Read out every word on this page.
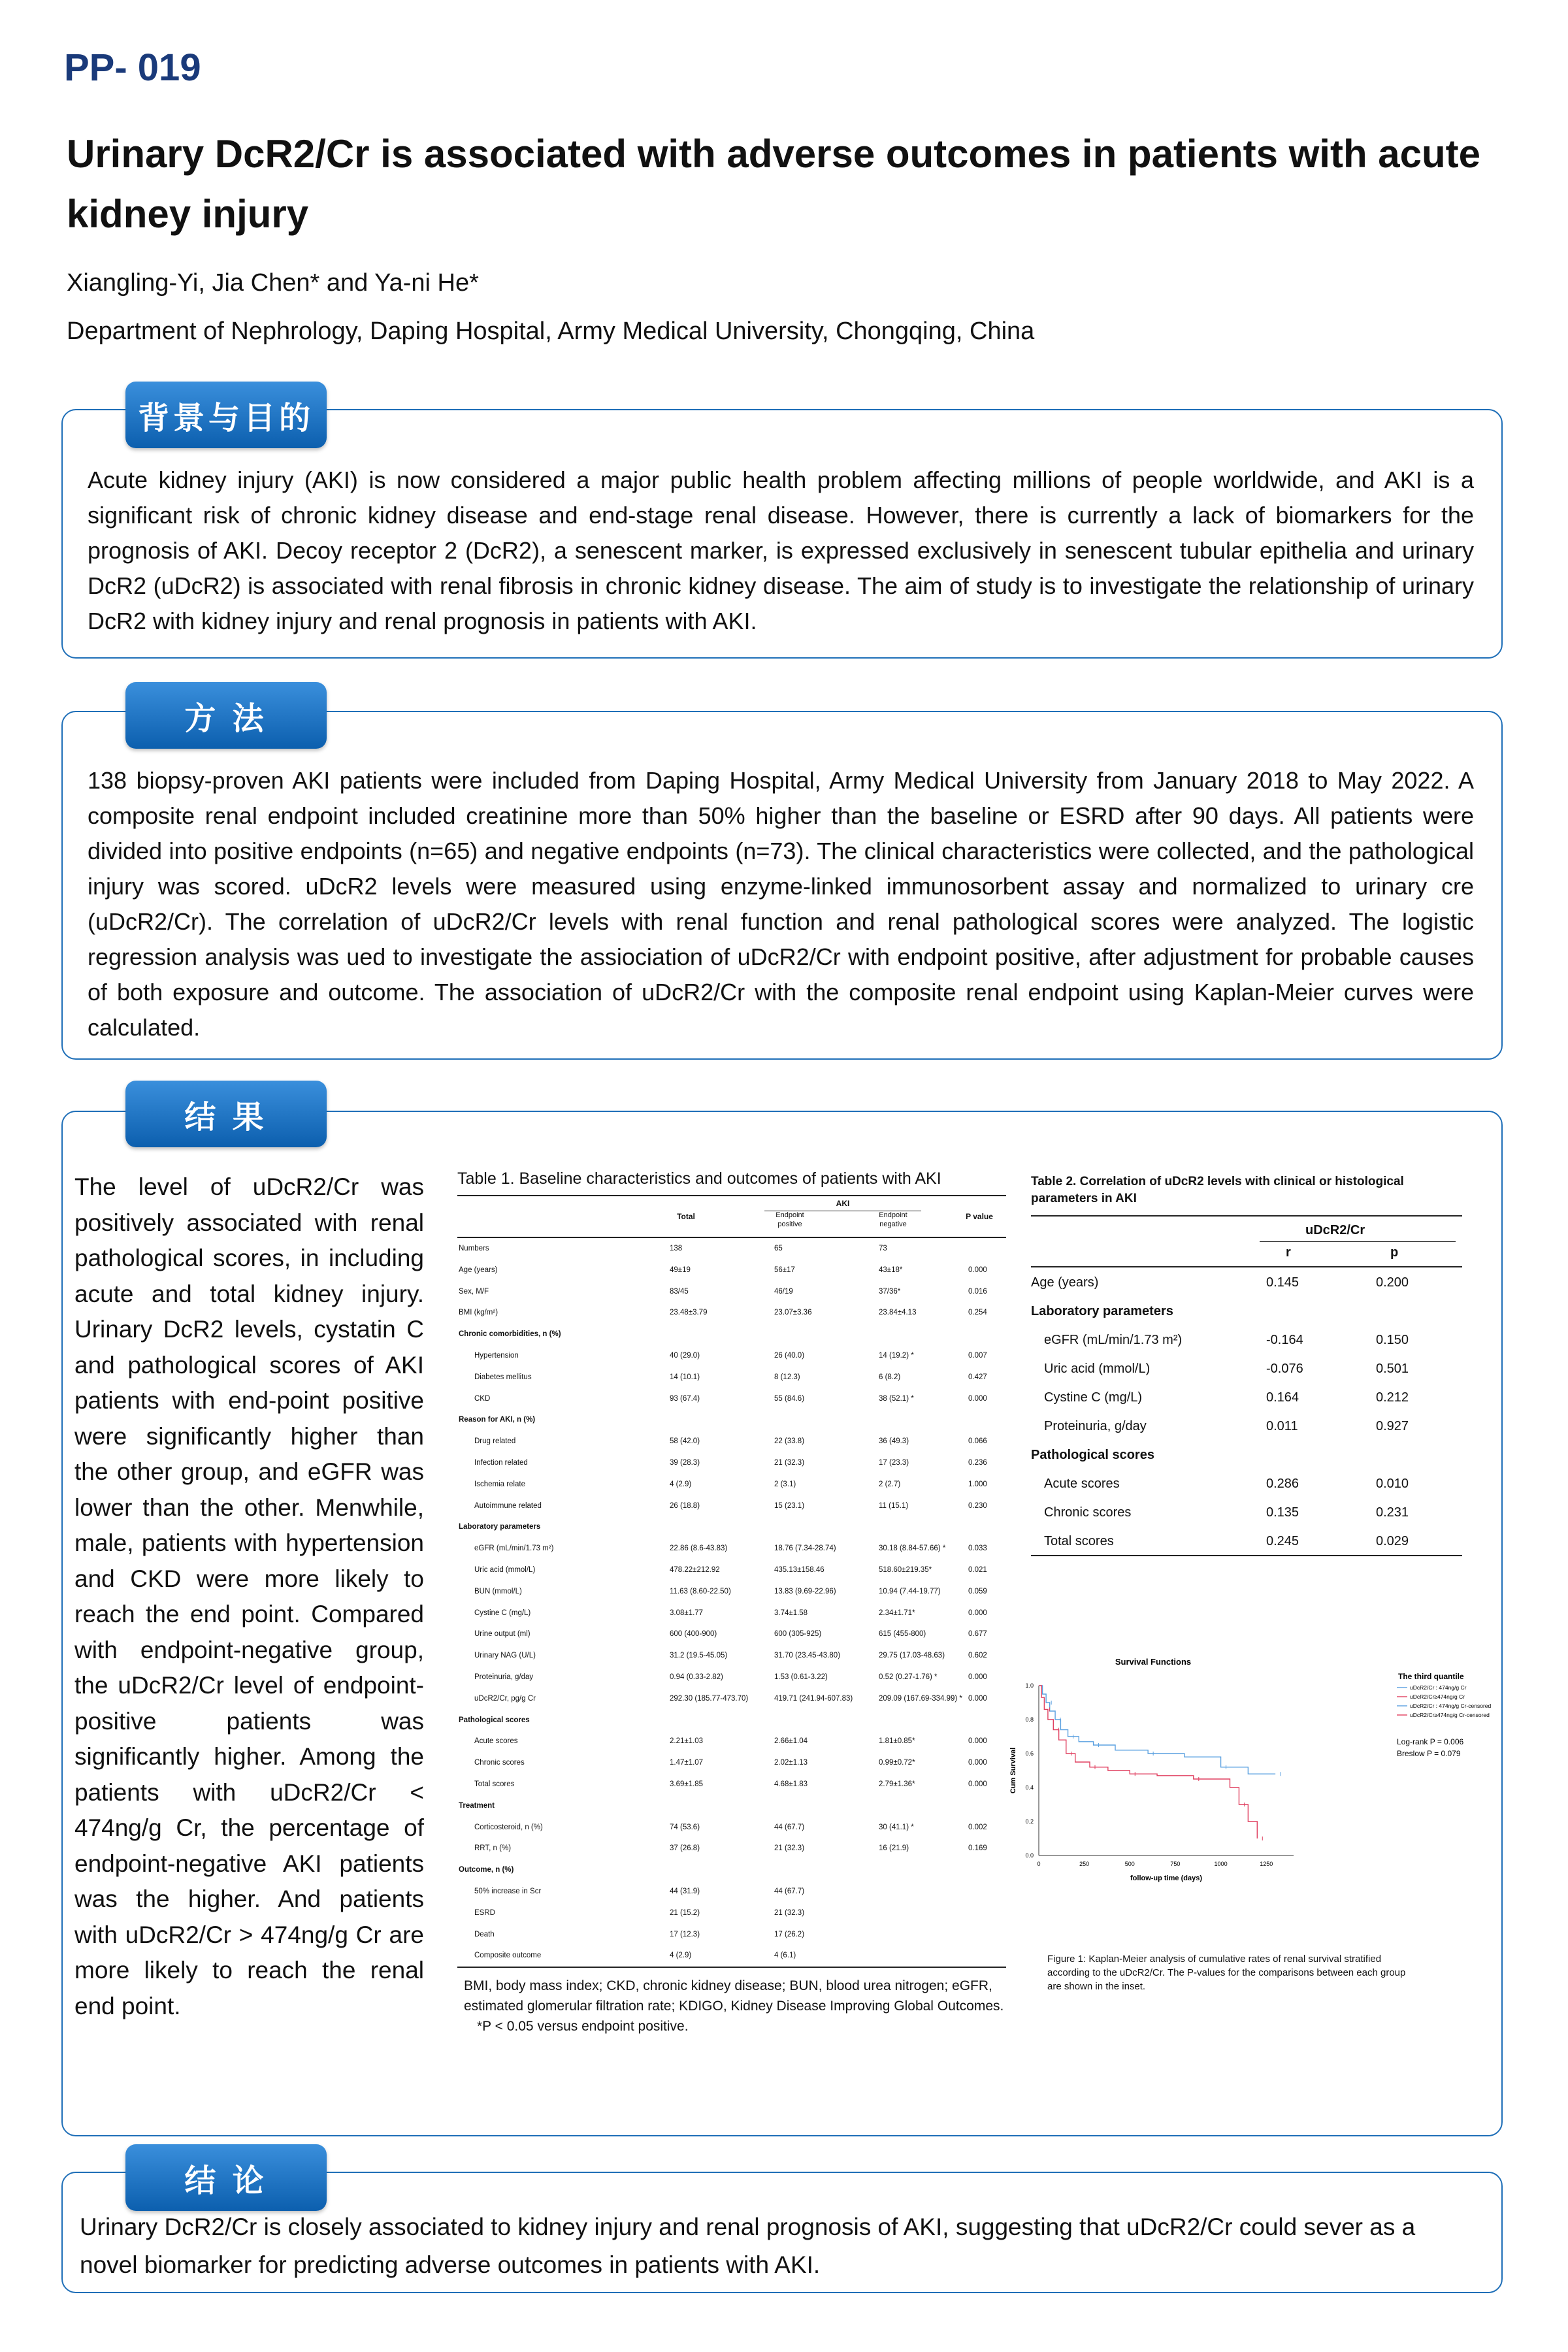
PP- 019
Urinary DcR2/Cr is associated with adverse outcomes in patients with acute kidney injury
Xiangling-Yi, Jia Chen* and Ya-ni He*
Department of Nephrology, Daping Hospital, Army Medical University, Chongqing, China
背景与目的
Acute kidney injury (AKI) is now considered a major public health problem affecting millions of people worldwide, and AKI is a significant risk of chronic kidney disease and end-stage renal disease. However, there is currently a lack of biomarkers for the prognosis of AKI. Decoy receptor 2 (DcR2), a senescent marker, is expressed exclusively in senescent tubular epithelia and urinary DcR2 (uDcR2) is associated with renal fibrosis in chronic kidney disease. The aim of study is to investigate the relationship of urinary DcR2 with kidney injury and renal prognosis in patients with AKI.
方 法
138 biopsy-proven AKI patients were included from Daping Hospital, Army Medical University from January 2018 to May 2022. A composite renal endpoint included creatinine more than 50% higher than the baseline or ESRD after 90 days. All patients were divided into positive endpoints (n=65) and negative endpoints (n=73). The clinical characteristics were collected, and the pathological injury was scored. uDcR2 levels were measured using enzyme-linked immunosorbent assay and normalized to urinary cre (uDcR2/Cr). The correlation of uDcR2/Cr levels with renal function and renal pathological scores were analyzed. The logistic regression analysis was ued to investigate the assiociation of uDcR2/Cr with endpoint positive, after adjustment for probable causes of both exposure and outcome. The association of uDcR2/Cr with the composite renal endpoint using Kaplan-Meier curves were calculated.
结 果
The level of uDcR2/Cr was positively associated with renal pathological scores, in including acute and total kidney injury. Urinary DcR2 levels, cystatin C and pathological scores of AKI patients with end-point positive were significantly higher than the other group, and eGFR was lower than the other. Menwhile, male, patients with hypertension and CKD were more likely to reach the end point. Compared with endpoint-negative group, the uDcR2/Cr level of endpoint-positive patients was significantly higher. Among the patients with uDcR2/Cr < 474ng/g Cr, the percentage of endpoint-negative AKI patients was the higher. And patients with uDcR2/Cr > 474ng/g Cr are more likely to reach the renal end point.
Table 1. Baseline characteristics and outcomes of patients with AKI
Total
AKI
Endpoint positive
Endpoint negative
P value
Numbers	138	65	73
Age (years)	49±19	56±17	43±18*	0.000
Sex, M/F	83/45	46/19	37/36*	0.016
BMI (kg/m²)	23.48±3.79	23.07±3.36	23.84±4.13	0.254
Chronic comorbidities, n (%)
Hypertension	40 (29.0)	26 (40.0)	14 (19.2) *	0.007
Diabetes mellitus	14 (10.1)	8 (12.3)	6 (8.2)	0.427
CKD	93 (67.4)	55 (84.6)	38 (52.1) *	0.000
Reason for AKI, n (%)
Drug related	58 (42.0)	22 (33.8)	36 (49.3)	0.066
Infection related	39 (28.3)	21 (32.3)	17 (23.3)	0.236
Ischemia relate	4 (2.9)	2 (3.1)	2 (2.7)	1.000
Autoimmune related	26 (18.8)	15 (23.1)	11 (15.1)	0.230
Laboratory parameters
eGFR (mL/min/1.73 m²)	22.86 (8.6-43.83)	18.76 (7.34-28.74)	30.18 (8.84-57.66) *	0.033
Uric acid (mmol/L)	478.22±212.92	435.13±158.46	518.60±219.35*	0.021
BUN (mmol/L)	11.63 (8.60-22.50)	13.83 (9.69-22.96)	10.94 (7.44-19.77)	0.059
Cystine C (mg/L)	3.08±1.77	3.74±1.58	2.34±1.71*	0.000
Urine output (ml)	600 (400-900)	600 (305-925)	615 (455-800)	0.677
Urinary NAG (U/L)	31.2 (19.5-45.05)	31.70 (23.45-43.80)	29.75 (17.03-48.63)	0.602
Proteinuria, g/day	0.94 (0.33-2.82)	1.53 (0.61-3.22)	0.52 (0.27-1.76) *	0.000
uDcR2/Cr, pg/g Cr	292.30 (185.77-473.70)	419.71 (241.94-607.83)	209.09 (167.69-334.99) * 0.000
Pathological scores
Acute scores	2.21±1.03	2.66±1.04	1.81±0.85*	0.000
Chronic scores	1.47±1.07	2.02±1.13	0.99±0.72*	0.000
Total scores	3.69±1.85	4.68±1.83	2.79±1.36*	0.000
Treatment
Corticosteroid, n (%)	74 (53.6)	44 (67.7)	30 (41.1) *	0.002
RRT, n (%)	37 (26.8)	21 (32.3)	16 (21.9)	0.169
Outcome, n (%)
50% increase in Scr	44 (31.9)	44 (67.7)
ESRD	21 (15.2)	21 (32.3)
Death	17 (12.3)	17 (26.2)
Composite outcome	4 (2.9)	4 (6.1)
BMI, body mass index; CKD, chronic kidney disease; BUN, blood urea nitrogen; eGFR, estimated glomerular filtration rate; KDIGO, Kidney Disease Improving Global Outcomes.
*P < 0.05 versus endpoint positive.
Table 2. Correlation of uDcR2 levels with clinical or histological parameters in AKI
uDcR2/Cr
r	p
Age (years)	0.145	0.200
Laboratory parameters
eGFR (mL/min/1.73 m²)	-0.164	0.150
Uric acid (mmol/L)	-0.076	0.501
Cystine C (mg/L)	0.164	0.212
Proteinuria, g/day	0.011	0.927
Pathological scores
Acute scores	0.286	0.010
Chronic scores	0.135	0.231
Total scores	0.245	0.029
Survival Functions
0.0
0.2
0.4
0.6
0.8
1.0
0	250	500	750	1000	1250
follow-up time (days)
Cum Survival
The third quantile
uDcR2/Cr : 474ng/g Cr
uDcR2/Cr≥474ng/g Cr
uDcR2/Cr : 474ng/g Cr-censored
uDcR2/Cr≥474ng/g Cr-censored
Log-rank P = 0.006
Breslow P = 0.079
Figure 1: Kaplan-Meier analysis of cumulative rates of renal survival stratified according to the uDcR2/Cr. The P-values for the comparisons between each group are shown in the inset.
结 论
Urinary DcR2/Cr is closely associated to kidney injury and renal prognosis of AKI, suggesting that uDcR2/Cr could sever as a novel biomarker for predicting adverse outcomes in patients with AKI.
